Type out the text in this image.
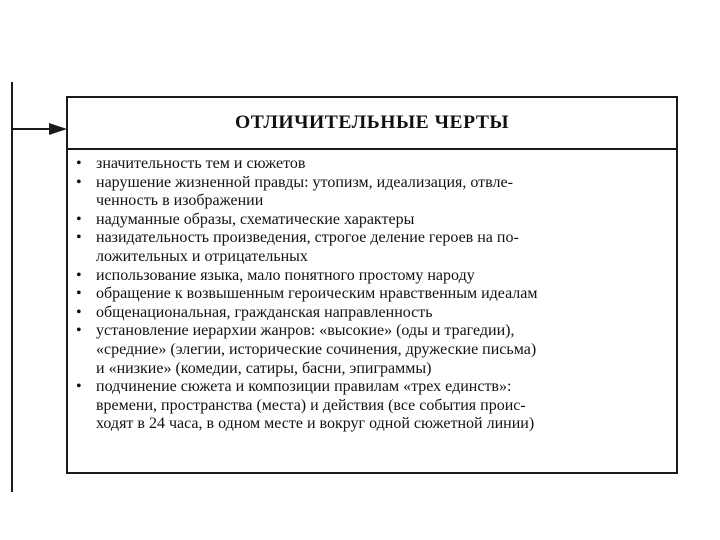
ОТЛИЧИТЕЛЬНЫЕ ЧЕРТЫ
• значительность тем и сюжетов
• нарушение жизненной правды: утопизм, идеализация, отвле-
ченность в изображении
• надуманные образы, схематические характеры
• назидательность произведения, строгое деление героев на по-
ложительных и отрицательных
• использование языка, мало понятного простому народу
• обращение к возвышенным героическим нравственным идеалам
• общенациональная, гражданская направленность
• установление иерархии жанров: «высокие» (оды и трагедии),
«средние» (элегии, исторические сочинения, дружеские письма)
и «низкие» (комедии, сатиры, басни, эпиграммы)
• подчинение сюжета и композиции правилам «трех единств»:
времени, пространства (места) и действия (все события проис-
ходят в 24 часа, в одном месте и вокруг одной сюжетной линии)
